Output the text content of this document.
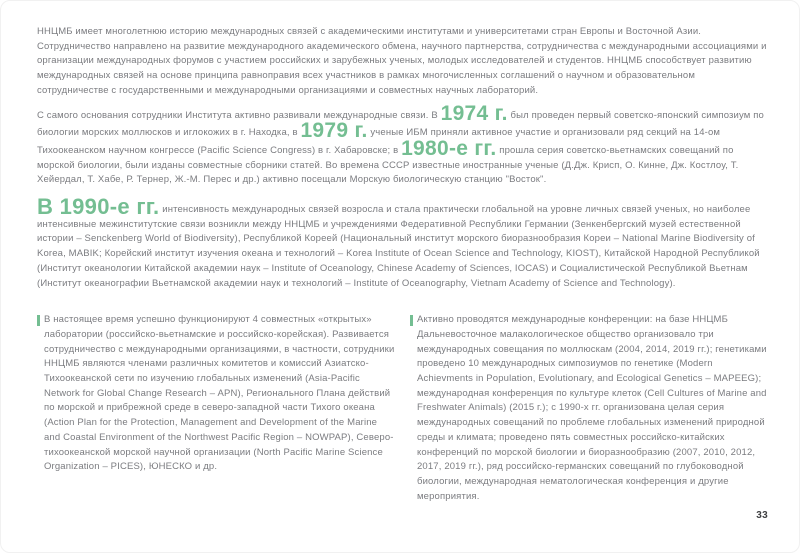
ННЦМБ имеет многолетнюю историю международных связей с академическими институтами и университетами стран Европы и Восточной Азии. Сотрудничество направлено на развитие международного академического обмена, научного партнерства, сотрудничества с международными ассоциациями и организации международных форумов с участием российских и зарубежных ученых, молодых исследователей и студентов. ННЦМБ способствует развитию международных связей на основе принципа равноправия всех участников в рамках многочисленных соглашений о научном и образовательном сотрудничестве с государственными и международными организациями и совместных научных лабораторий.

С самого основания сотрудники Института активно развивали международные связи. В 1974 г. был проведен первый советско-японский симпозиум по биологии морских моллюсков и иглокожих в г. Находка, в 1979 г. ученые ИБМ приняли активное участие и организовали ряд секций на 14-ом Тихоокеанском научном конгрессе (Pacific Science Congress) в г. Хабаровске; в 1980-е гг. прошла серия советско-вьетнамских совещаний по морской биологии, были изданы совместные сборники статей. Во времена СССР известные иностранные ученые (Д.Дж. Крисп, О. Кинне, Дж. Костлоу, Т. Хейердал, Т. Хабе, Р. Тернер, Ж.-М. Перес и др.) активно посещали Морскую биологическую станцию "Восток".

В 1990-е гг. интенсивность международных связей возросла и стала практически глобальной на уровне личных связей ученых, но наиболее интенсивные межинститутские связи возникли между ННЦМБ и учреждениями Федеративной Республики Германии (Зенкенбергский музей естественной истории – Senckenberg World of Biodiversity), Республикой Кореей (Национальный институт морского биоразнообразия Кореи – National Marine Biodiversity of Korea, MABIK; Корейский институт изучения океана и технологий – Korea Institute of Ocean Science and Technology, KIOST), Китайской Народной Республикой (Институт океанологии Китайской академии наук – Institute of Oceanology, Chinese Academy of Sciences, IOCAS) и Социалистической Республикой Вьетнам (Институт океанографии Вьетнамской академии наук и технологий – Institute of Oceanography, Vietnam Academy of Science and Technology).

В настоящее время успешно функционируют 4 совместных «открытых» лаборатории (российско-вьетнамские и российско-корейская). Развивается сотрудничество с международными организациями, в частности, сотрудники ННЦМБ являются членами различных комитетов и комиссий Азиатско-Тихоокеанской сети по изучению глобальных изменений (Asia-Pacific Network for Global Change Research – APN), Регионального Плана действий по морской и прибрежной среде в северо-западной части Тихого океана (Action Plan for the Protection, Management and Development of the Marine and Coastal Environment of the Northwest Pacific Region – NOWPAP), Северо-тихоокеанской морской научной организации (North Pacific Marine Science Organization – PICES), ЮНЕСКО и др.
Активно проводятся международные конференции: на базе ННЦМБ Дальневосточное малакологическое общество организовало три международных совещания по моллюскам (2004, 2014, 2019 гг.); генетиками проведено 10 международных симпозиумов по генетике (Modern Achievments in Population, Evolutionary, and Ecological Genetics – MAPEEG); международная конференция по культуре клеток (Cell Cultures of Marine and Freshwater Animals) (2015 г.); с 1990-х гг. организована целая серия международных совещаний по проблеме глобальных изменений природной среды и климата; проведено пять совместных российско-китайских конференций по морской биологии и биоразнообразию (2007, 2010, 2012, 2017, 2019 гг.), ряд российско-германских совещаний по глубоководной биологии, международная нематологическая конференция и другие мероприятия.
33
